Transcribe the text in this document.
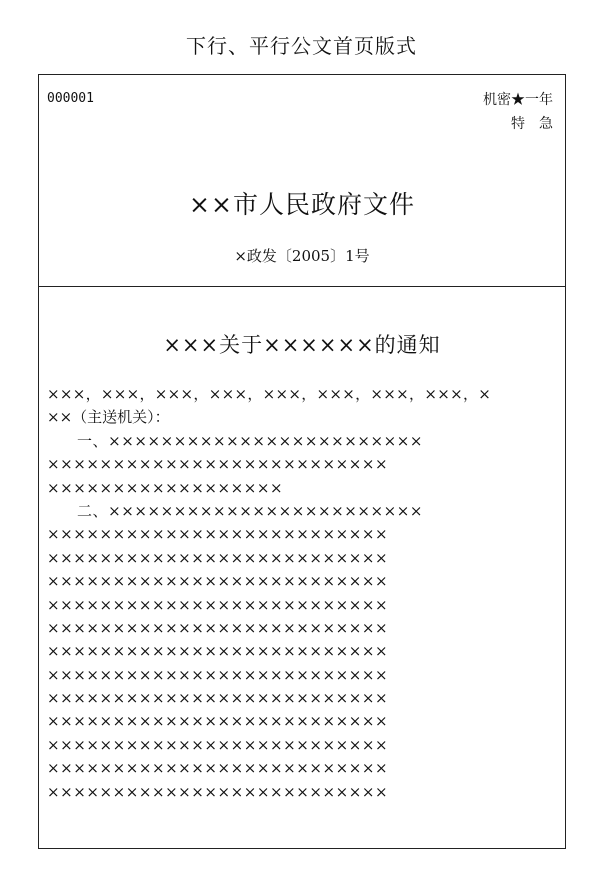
下行、平行公文首页版式
000001	机密★一年
特急
××市人民政府文件
×政发〔2005〕1号
×××关于××××××的通知
×××，×××，×××，×××，×××，×××，×××，×××，×
××（主送机关）：
一、××××××××××××××××××××××××
××××××××××××××××××××××××××
××××××××××××××××××
二、××××××××××××××××××××××××
××××××××××××××××××××××××××
××××××××××××××××××××××××××
××××××××××××××××××××××××××
××××××××××××××××××××××××××
××××××××××××××××××××××××××
××××××××××××××××××××××××××
××××××××××××××××××××××××××
××××××××××××××××××××××××××
××××××××××××××××××××××××××
××××××××××××××××××××××××××
××××××××××××××××××××××××××
××××××××××××××××××××××××××
